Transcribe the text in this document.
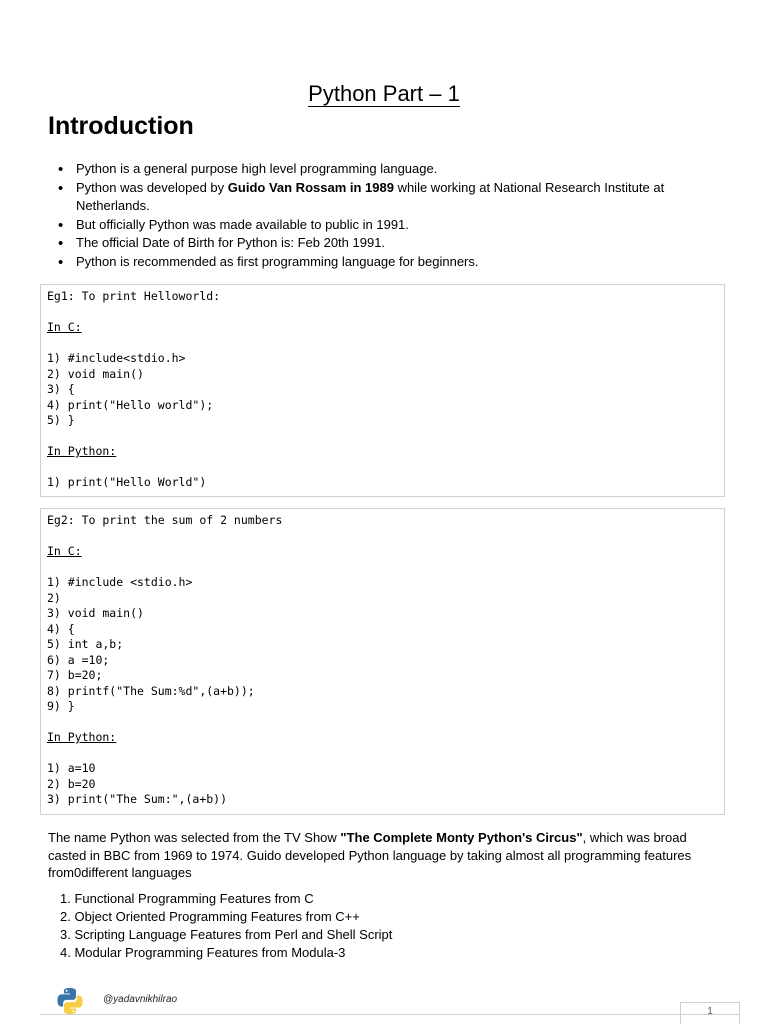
Python Part – 1
Introduction
• Python is a general purpose high level programming language.
• Python was developed by Guido Van Rossam in 1989 while working at National Research Institute at Netherlands.
• But officially Python was made available to public in 1991.
• The official Date of Birth for Python is: Feb 20th 1991.
• Python is recommended as first programming language for beginners.
Eg1: To print Helloworld:
In C:
1) #include<stdio.h>
2) void main()
3) {
4) print("Hello world");
5) }
In Python:
1) print("Hello World")
Eg2: To print the sum of 2 numbers
In C:
1) #include <stdio.h>
2)
3) void main()
4) {
5) int a,b;
6) a =10;
7) b=20;
8) printf("The Sum:%d",(a+b));
9) }
In Python:
1) a=10
2) b=20
3) print("The Sum:",(a+b))

The name Python was selected from the TV Show "The Complete Monty Python's Circus", which was broad casted in BBC from 1969 to 1974. Guido developed Python language by taking almost all programming features from0different languages

1. Functional Programming Features from C
2. Object Oriented Programming Features from C++
3. Scripting Language Features from Perl and Shell Script
4. Modular Programming Features from Modula-3
@yadavnikhilrao
1
